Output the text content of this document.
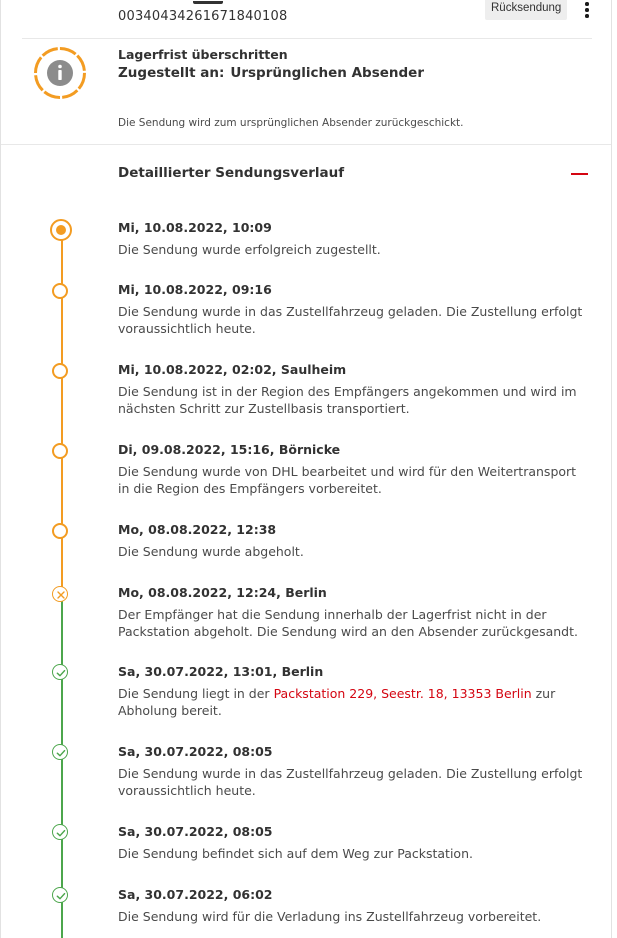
00340434261671840108
Rücksendung
Lagerfrist überschritten
Zugestellt an: Ursprünglichen Absender
Die Sendung wird zum ursprünglichen Absender zurückgeschickt.
Detaillierter Sendungsverlauf
Mi, 10.08.2022, 10:09
Die Sendung wurde erfolgreich zugestellt.
Mi, 10.08.2022, 09:16
Die Sendung wurde in das Zustellfahrzeug geladen. Die Zustellung erfolgt voraussichtlich heute.
Mi, 10.08.2022, 02:02, Saulheim
Die Sendung ist in der Region des Empfängers angekommen und wird im nächsten Schritt zur Zustellbasis transportiert.
Di, 09.08.2022, 15:16, Börnicke
Die Sendung wurde von DHL bearbeitet und wird für den Weitertransport in die Region des Empfängers vorbereitet.
Mo, 08.08.2022, 12:38
Die Sendung wurde abgeholt.
Mo, 08.08.2022, 12:24, Berlin
Der Empfänger hat die Sendung innerhalb der Lagerfrist nicht in der Packstation abgeholt. Die Sendung wird an den Absender zurückgesandt.
Sa, 30.07.2022, 13:01, Berlin
Die Sendung liegt in der Packstation 229, Seestr. 18, 13353 Berlin zur Abholung bereit.
Sa, 30.07.2022, 08:05
Die Sendung wurde in das Zustellfahrzeug geladen. Die Zustellung erfolgt voraussichtlich heute.
Sa, 30.07.2022, 08:05
Die Sendung befindet sich auf dem Weg zur Packstation.
Sa, 30.07.2022, 06:02
Die Sendung wird für die Verladung ins Zustellfahrzeug vorbereitet.
